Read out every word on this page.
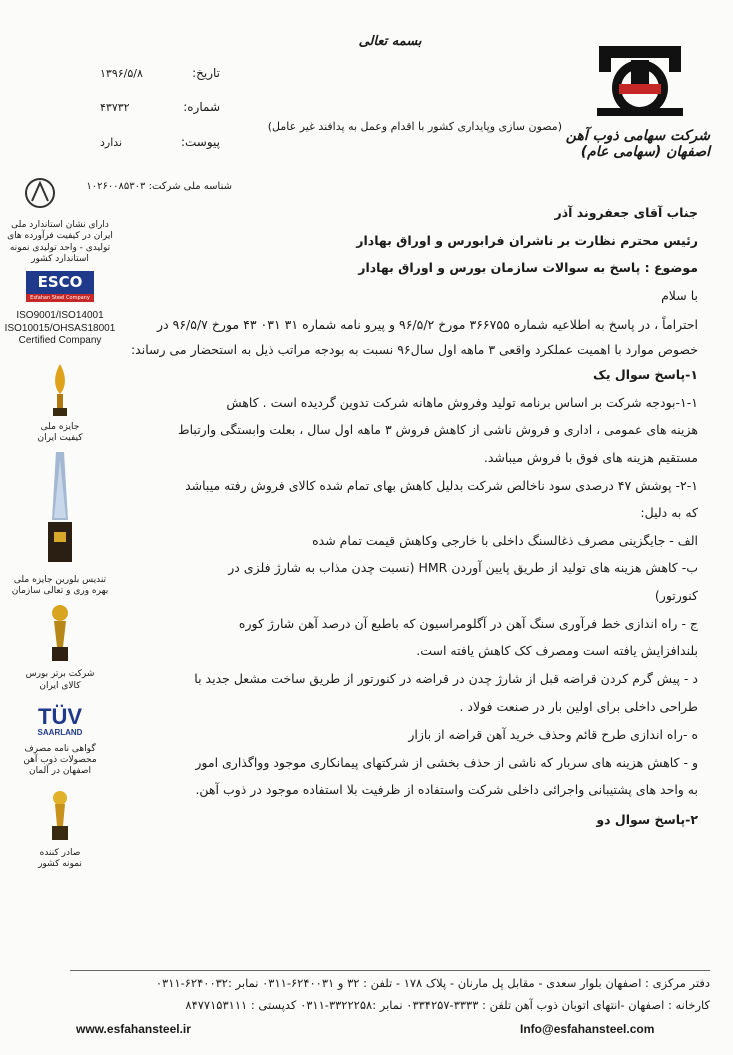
بسمه تعالی
شرکت سهامی ذوب آهن اصفهان (سهامی عام)
(مصون سازی وپایداری کشور با اقدام وعمل به پدافند غیر عامل)
تاریخ:
۱۳۹۶/۵/۸
شماره:
۴۳۷۳۲
پیوست:
ندارد
شناسه ملی شرکت: ۱۰۲۶۰۰۸۵۳۰۳
دارای نشان استاندارد ملی ایران در کیفیت فرآورده های تولیدی - واحد تولیدی نمونه استاندارد کشور
ESCO
Esfahan Steel Company
ISO9001/ISO14001
ISO10015/OHSAS18001
Certified Company
جایزه ملی کیفیت ایران
تندیس بلورین جایزه ملی بهره وری و تعالی سازمان
شرکت برتر بورس کالای ایران
TÜV
SAARLAND
گواهی نامه مصرف محصولات ذوب آهن اصفهان در آلمان
صادر کننده نمونه کشور
جناب آقای جعفروند آذر
رئیس محترم نظارت بر ناشران فرابورس و اوراق بهادار
موضوع : پاسخ به سوالات سازمان بورس و اوراق بهادار
با سلام
احتراماً ، در پاسخ به اطلاعیه شماره ۳۶۶۷۵۵ مورخ ۹۶/۵/۲ و پیرو نامه شماره ۳۱ ۰۳۱ ۴۳ مورخ ۹۶/۵/۷ در
خصوص موارد با اهمیت عملکرد واقعی ۳ ماهه اول سال۹۶ نسبت به بودجه مراتب ذیل به استحضار می رساند:
۱-پاسخ سوال یک
۱-۱-بودجه شرکت بر اساس برنامه تولید وفروش ماهانه شرکت تدوین گردیده است . کاهش
هزینه های عمومی ، اداری و فروش ناشی از کاهش فروش ۳ ماهه اول سال ، بعلت وابستگی وارتباط
مستقیم هزینه های فوق با فروش میباشد.
۲-۱- پوشش ۴۷ درصدی سود ناخالص شرکت بدلیل کاهش بهای تمام شده کالای فروش رفته میباشد
که به دلیل:
الف - جایگزینی مصرف ذغالسنگ داخلی با خارجی وکاهش قیمت تمام شده
ب- کاهش هزینه های تولید از طریق پایین آوردن HMR (نسبت چدن مذاب به شارژ فلزی در
کنورتور)
ج - راه اندازی خط فرآوری سنگ آهن در آگلومراسیون که باطبع آن درصد آهن شارژ کوره
بلندافزایش یافته است ومصرف کک کاهش یافته است.
د - پیش گرم کردن قراضه قبل از شارژ چدن در قراضه در کنورتور از طریق ساخت مشعل جدید با
طراحی داخلی برای اولین بار در صنعت فولاد .
ه -راه اندازی طرح قائم وحذف خرید آهن قراضه از بازار
و - کاهش هزینه های سربار که ناشی از حذف بخشی از شرکتهای پیمانکاری موجود وواگذاری امور
به واحد های پشتیبانی واجرائی داخلی شرکت واستفاده از ظرفیت بلا استفاده موجود در ذوب آهن.
۲-پاسخ سوال دو
دفتر مرکزی : اصفهان بلوار سعدی - مقابل پل مارنان - پلاک ۱۷۸ - تلفن : ۳۲ و ۶۲۴۰۰۳۱-۰۳۱۱ نمابر :۶۲۴۰۰۳۲-۰۳۱۱
کارخانه : اصفهان -انتهای اتوبان ذوب آهن تلفن : ۳۳۳۳-۰۳۳۴۲۵۷ نمابر :۳۳۲۲۲۵۸-۰۳۱۱ کدپستی : ۸۴۷۷۱۵۳۱۱۱
www.esfahansteel.ir	Info@esfahansteel.com
